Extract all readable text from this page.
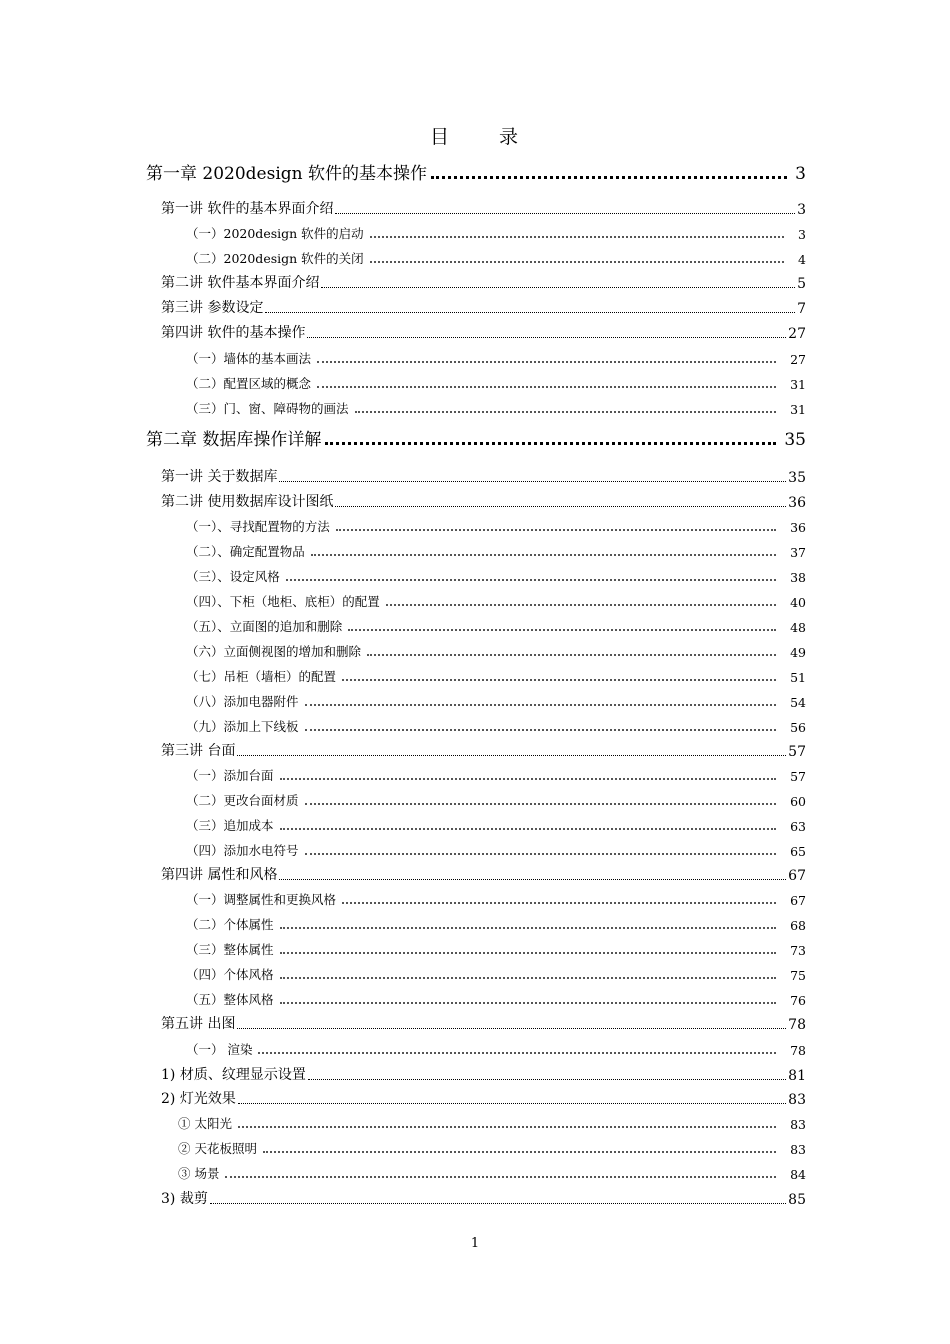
目	录
第一章 2020design 软件的基本操作	3
第一讲 软件的基本界面介绍	3
（一）2020design 软件的启动	3
（二）2020design 软件的关闭	4
第二讲 软件基本界面介绍	5
第三讲 参数设定	7
第四讲 软件的基本操作	27
（一）墙体的基本画法	27
（二）配置区域的概念	31
（三）门、窗、障碍物的画法	31
第二章 数据库操作详解	35
第一讲 关于数据库	35
第二讲 使用数据库设计图纸	36
（一）、寻找配置物的方法	36
（二）、确定配置物品	37
（三）、设定风格	38
（四）、下柜（地柜、底柜）的配置	40
（五）、立面图的追加和删除	48
（六）立面侧视图的增加和删除	49
（七）吊柜（墙柜）的配置	51
（八）添加电器附件	54
（九）添加上下线板	56
第三讲 台面	57
（一）添加台面	57
（二）更改台面材质	60
（三）追加成本	63
（四）添加水电符号	65
第四讲 属性和风格	67
（一）调整属性和更换风格	67
（二）个体属性	68
（三）整体属性	73
（四）个体风格	75
（五）整体风格	76
第五讲 出图	78
（一） 渲染	78
1) 材质、纹理显示设置	81
2) 灯光效果	83
① 太阳光	83
② 天花板照明	83
③ 场景	84
3) 裁剪	85
1
